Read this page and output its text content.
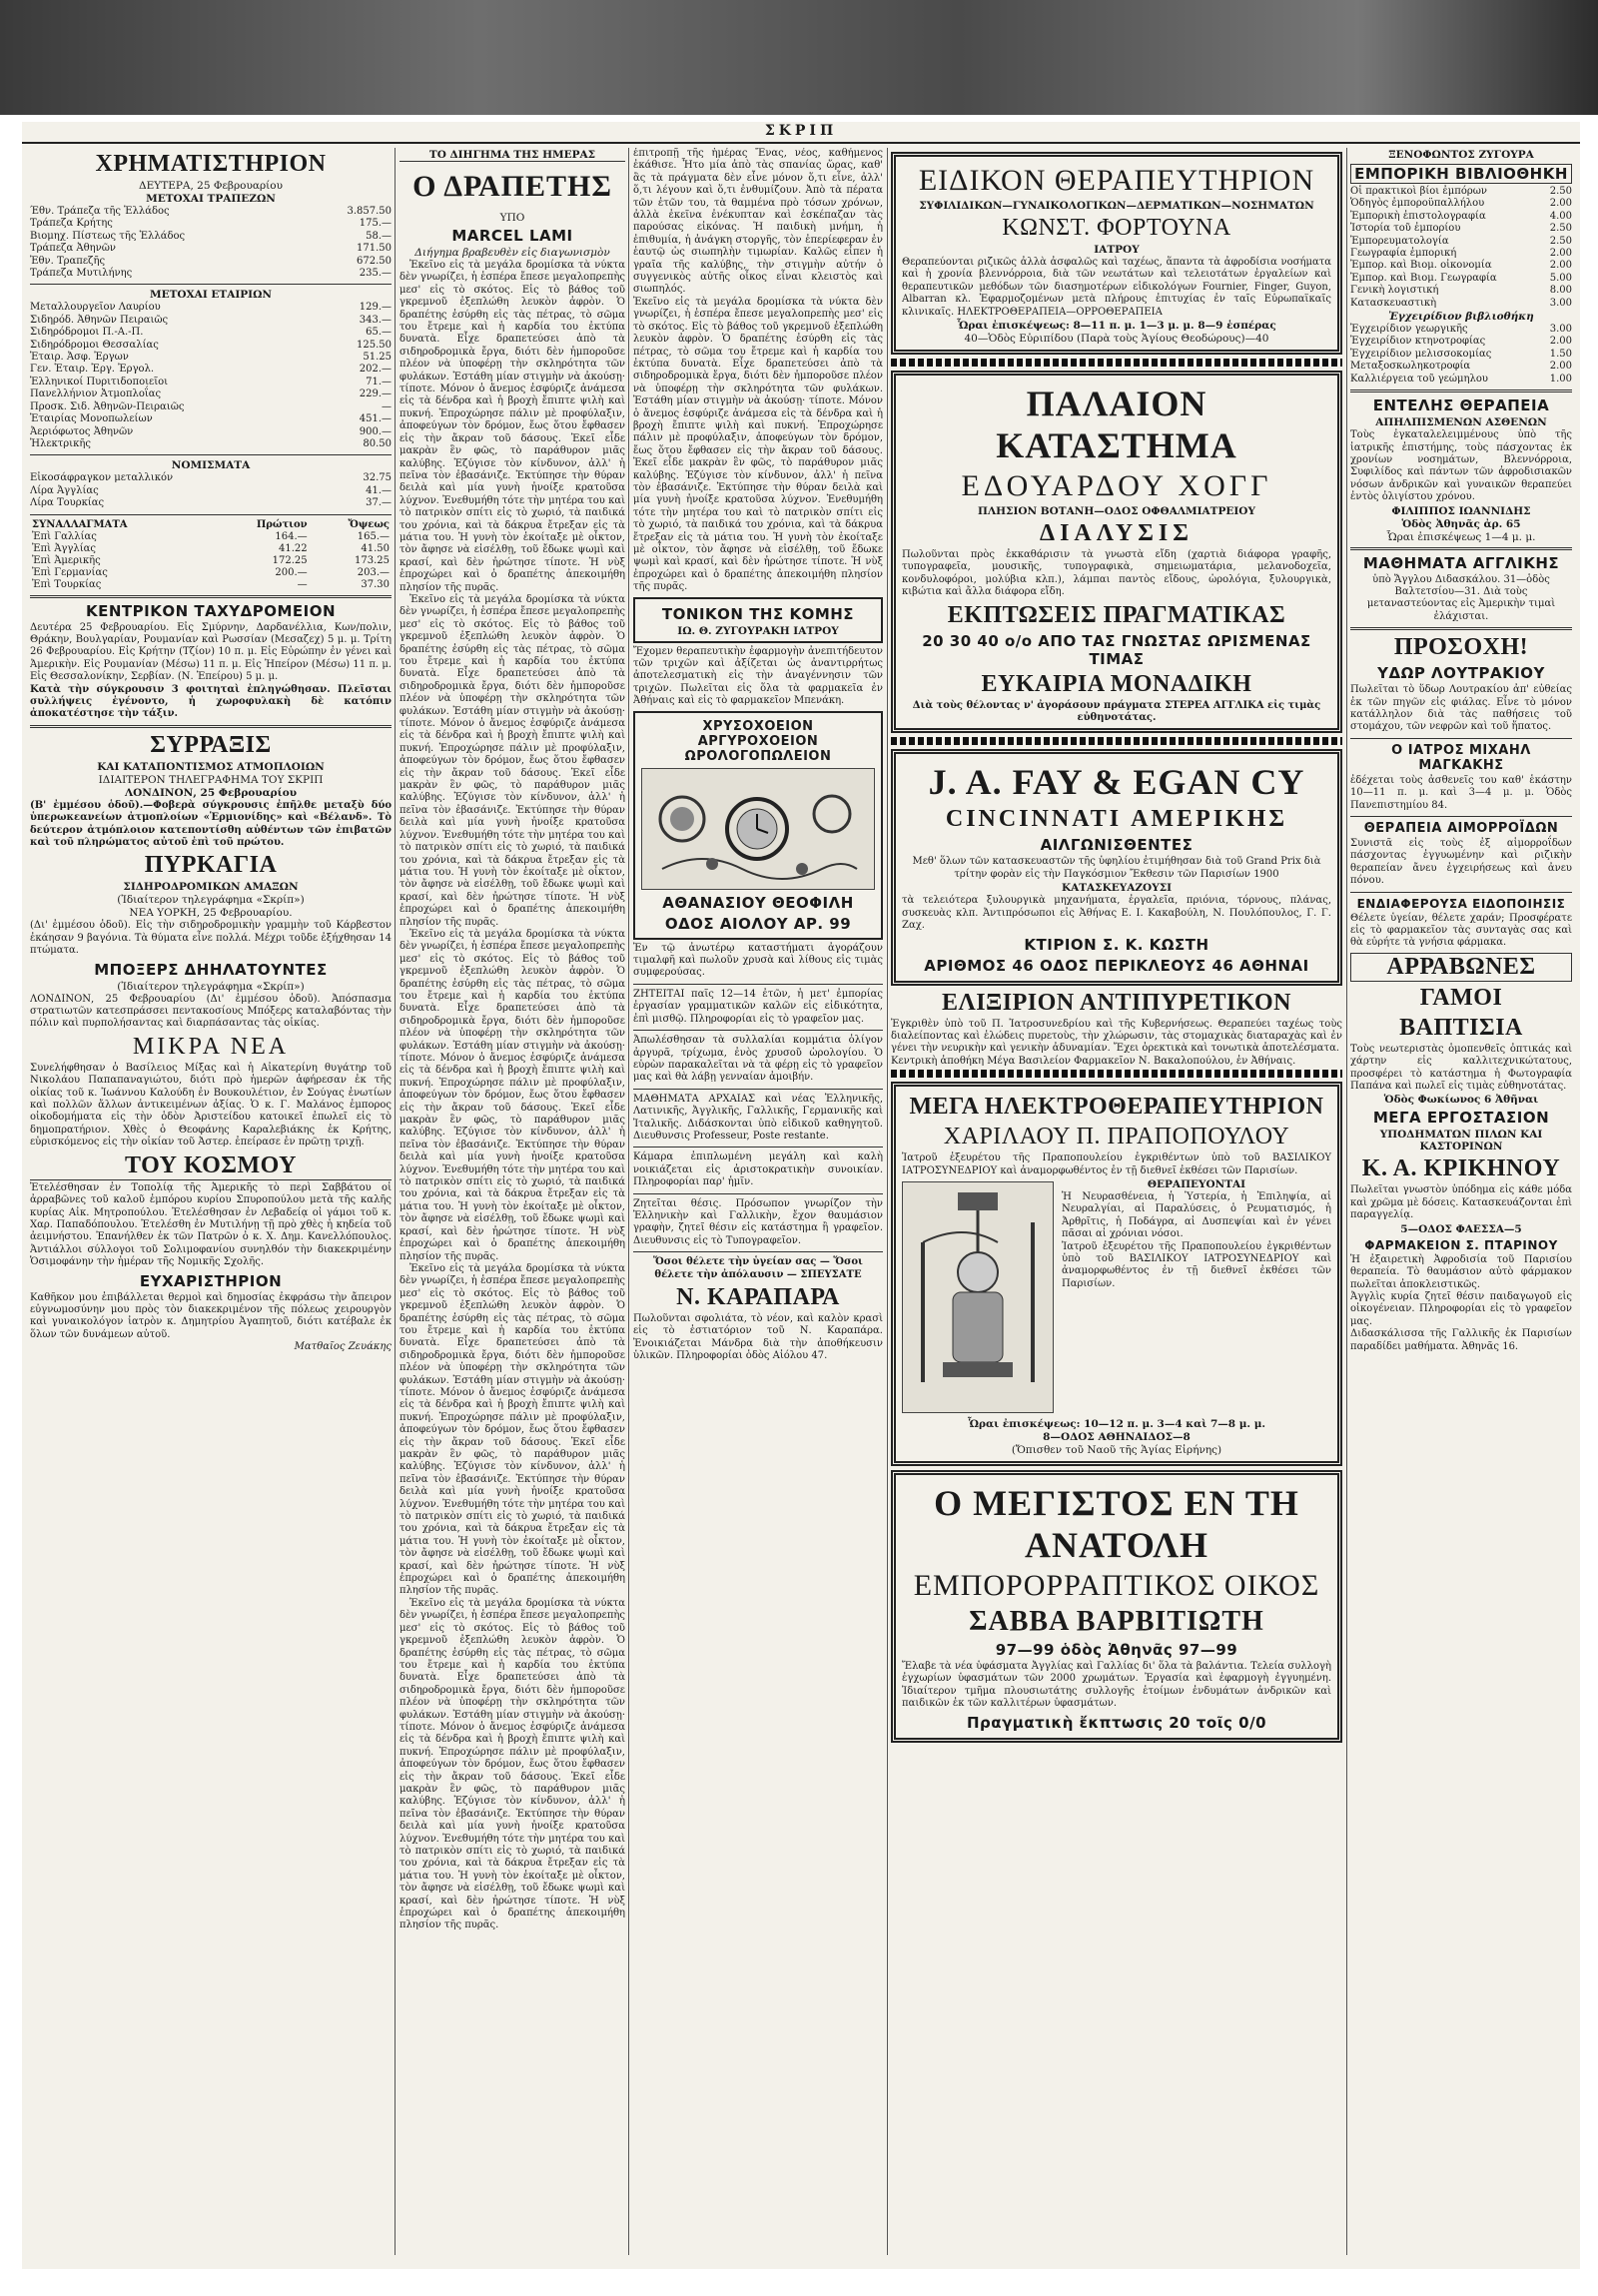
ΣΚΡΙΠ
ΧΡΗΜΑΤΙΣΤΗΡΙΟΝ
ΔΕΥΤΕΡΑ, 25 Φεβρουαρίου
ΜΕΤΟΧΑΙ ΤΡΑΠΕΖΩΝ
Έθν. Τράπεζα τῆς Ἑλλάδος	3.857.50
Τράπεζα Κρήτης	175.—
Βιομηχ. Πίστεως τῆς Ἑλλάδος	58.—
Τράπεζα Ἀθηνῶν	171.50
Ἐθν. Τραπεζῆς	672.50
Τράπεζα Μυτιλήνης	235.—
ΜΕΤΟΧΑΙ ΕΤΑΙΡΙΩΝ
Μεταλλουργεῖον Λαυρίου	129.—
Σιδηρόδ. Ἀθηνῶν Πειραιῶς	343.—
Σιδηρόδρομοι Π.-Α.-Π.	65.—
Σιδηρόδρομοι Θεσσαλίας	125.50
Ἑταιρ. Ἀσφ. Ἐργων	51.25
Γεν. Ἑταιρ. Ἐργ. Ἐργολ.	202.—
Ἑλληνικοί Πυριτιδοποιεῖοι	71.—
Πανελλήνιον Ἀτμοπλοΐας	229.—
Προσκ. Σιδ. Ἀθηνῶν-Πειραιῶς	—
Ἑταιρίας Μονοπωλείων	451.—
Ἀεριόφωτος Ἀθηνῶν	900.—
Ἠλεκτρικῆς	80.50
ΝΟΜΙΣΜΑΤΑ
Εἰκοσάφραγκον μεταλλικόν	32.75
Λίρα Ἀγγλίας	41.—
Λίρα Τουρκίας	37.—
ΣΥΝΑΛΛΑΓΜΑΤΑ	Πρώτιον	Ὄψεως
Ἐπὶ Γαλλίας	164.—	165.—
Ἐπὶ Ἀγγλίας	41.22	41.50
Ἐπὶ Ἀμερικῆς	172.25	173.25
Ἐπὶ Γερμανίας	200.—	203.—
Ἐπὶ Τουρκίας	—	37.30
ΚΕΝΤΡΙΚΟΝ ΤΑΧΥΔΡΟΜΕΙΟΝ

Δευτέρα 25 Φεβρουαρίου. Εἰς Σμύρνην, Δαρδανέλλια, Κων/πολιν, Θράκην, Βουλγαρίαν, Ρουμανίαν καὶ Ρωσσίαν (Μεσαζεχ) 5 μ. μ. Τρίτη 26 Φεβρουαρίου. Εἰς Κρήτην (Τζίον) 10 π. μ. Εἰς Εὐρώπην ἐν γένει καὶ Ἀμερικὴν. Εἰς Ρουμανίαν (Μέσω) 11 π. μ. Εἰς Ἠπείρον (Μέσω) 11 π. μ. Εἰς Θεσσαλονίκην, Σερβίαν. (Ν. Ἐπείρου) 5 μ. μ.

Κατὰ τὴν σύγκρουσιν 3 φοιτηταὶ ἐπληγώθησαν. Πλεῖσται συλλήψεις ἐγένοντο, ἡ χωροφυλακὴ δὲ κατόπιν ἀποκατέστησε τὴν τάξιν.

ΣΥΡΡΑΞΙΣ
ΚΑΙ ΚΑΤΑΠΟΝΤΙΣΜΟΣ ΑΤΜΟΠΛΟΙΩΝ
ΙΔΙΑΙΤΕΡΟΝ ΤΗΛΕΓΡΑΦΗΜΑ ΤΟΥ ΣΚΡΙΠ
ΛΟΝΔΙΝΟΝ, 25 Φεβρουαρίου

(Β' ἐμμέσου ὁδοῦ).—Φοβερὰ σύγκρουσις ἐπῆλθε μεταξὺ δύο ὑπερωκεανείων ἀτμοπλοίων «Ἑρμιονίδης» καὶ «Βέλανδ». Τὸ δεύτερον ἀτμόπλοιον κατεποντίσθη αὐθέντων τῶν ἐπιβατῶν καὶ τοῦ πληρώματος αὐτοῦ ἐπὶ τοῦ πρώτου.

ΠΥΡΚΑΓΙΑ
ΣΙΔΗΡΟΔΡΟΜΙΚΩΝ ΑΜΑΞΩΝ
(Ἰδιαίτερον τηλεγράφημα «Σκρίπ»)
ΝΕΑ ΥΟΡΚΗ, 25 Φεβρουαρίου.

(Δι' ἐμμέσου ὁδοῦ). Εἰς τὴν σιδηροδρομικὴν γραμμὴν τοῦ Κάρβεστον ἐκάησαν 9 βαγόνια. Τὰ θύματα εἶνε πολλά. Μέχρι τοῦδε ἐξήχθησαν 14 πτώματα.

ΜΠΟΞΕΡΣ ΔΗΗΛΑΤΟΥΝΤΕΣ
(Ἰδιαίτερον τηλεγράφημα «Σκρίπ»)

ΛΟΝΔΙΝΟΝ, 25 Φεβρουαρίου (Δι' ἐμμέσου ὁδοῦ). Ἀπόσπασμα στρατιωτῶν κατεσπράσσει πεντακοσίους Μπόξερς καταλαβόντας τὴν πόλιν καὶ πυρπολήσαντας καὶ διαρπάσαντας τὰς οἰκίας.

ΜΙΚΡΑ ΝΕΑ

Συνελήφθησαν ὁ Βασίλειος Μίξας καὶ ἡ Αἰκατερίνη θυγάτηρ τοῦ Νικολάου Παπαπαναγιώτου, διότι πρὸ ἡμερῶν ἀφήρεσαν ἐκ τῆς οἰκίας τοῦ κ. Ἰωάννου Καλούδη ἐν Βουκουλέτιον, ἐν Σούγας ἐνωτίων καὶ πολλῶν ἄλλων ἀντικειμένων ἀξίας. Ὁ κ. Γ. Μαλάνος ἐμπορος οἰκοδομήματα εἰς τὴν ὁδὸν Ἀριστείδου κατοικεῖ ἐπωλεῖ εἰς τὸ δημοπρατήριον. Χθὲς ὁ Θεοφάνης Καραλεβιάκης ἐκ Κρήτης, εὑρισκόμενος εἰς τὴν οἰκίαν τοῦ Ἀστερ. ἐπείρασε ἐν πρῶτῃ τριχῇ.

ΤΟΥ ΚΟΣΜΟΥ

Ἐτελέσθησαν ἐν Τοπολίᾳ τῆς Ἀμερικῆς τὸ περὶ Σαββάτου οἱ ἀρραβῶνες τοῦ καλοῦ ἐμπόρου κυρίου Σπυροπούλου μετὰ τῆς καλῆς κυρίας Αἰκ. Μητροπούλου. Ἐτελέσθησαν ἐν Λεβαδείᾳ οἱ γάμοι τοῦ κ. Χαρ. Παπαδόπουλου. Ἐτελέσθη ἐν Μυτιλήνῃ τῇ πρὸ χθὲς ἡ κηδεία τοῦ ἀειμνήστου. Ἐπανήλθεν ἐκ τῶν Πατρῶν ὁ κ. Χ. Δημ. Κανελλόπουλος. Ἀντιάλλοι σύλλογοι τοῦ Σολιμοφανίου συνηλθόν τὴν διακεκριμένην Ὁσιμοφάνην τὴν ἡμέραν τῆς Νομικῆς Σχολῆς.

ΕΥΧΑΡΙΣΤΗΡΙΟΝ

Καθῆκον μου ἐπιβάλλεται θερμοὶ καὶ δημοσίας ἐκφράσω τὴν ἄπειρον εὐγνωμοσύνην μου πρὸς τὸν διακεκριμένον τῆς πόλεως χειρουργὸν καὶ γυναικολόγον ἰατρὸν κ. Δημητρίου Ἀγαπητοῦ, διότι κατέβαλε ἐκ ὅλων τῶν δυνάμεων αὐτοῦ.

Ματθαῖος Ζευάκης

ΤΟ ΔΙΗΓΗΜΑ ΤΗΣ ΗΜΕΡΑΣ
Ο ΔΡΑΠΕΤΗΣ
ΥΠΟ
MARCEL LAMI
Διήγημα βραβευθὲν εἰς διαγωνισμὸν

Ἐκεῖνο εἰς τὰ μεγάλα δρομίσκα τὰ νύκτα δὲν γνωρίζει, ἡ ἑσπέρα ἔπεσε μεγαλοπρεπὴς μεσ' εἰς τὸ σκότος. Εἰς τὸ βάθος τοῦ γκρεμνοῦ ἐξεπλώθη λευκὸν ἀφρὸν. Ὁ δραπέτης ἐσύρθη εἰς τὰς πέτρας, τὸ σῶμα του ἔτρεμε καὶ ἡ καρδία του ἐκτύπα δυνατὰ. Εἶχε δραπετεύσει ἀπὸ τὰ σιδηροδρομικὰ ἔργα, διότι δὲν ἠμποροῦσε πλέον νὰ ὑποφέρῃ τὴν σκληρότητα τῶν φυλάκων. Ἐστάθη μίαν στιγμὴν νὰ ἀκούσῃ· τίποτε. Μόνον ὁ ἄνεμος ἐσφύριζε ἀνάμεσα εἰς τὰ δένδρα καὶ ἡ βροχὴ ἔπιπτε ψιλὴ καὶ πυκνή. Ἐπροχώρησε πάλιν μὲ προφύλαξιν, ἀποφεύγων τὸν δρόμον, ἔως ὅτου ἔφθασεν εἰς τὴν ἄκραν τοῦ δάσους. Ἐκεῖ εἶδε μακρὰν ἓν φῶς, τὸ παράθυρον μιᾶς καλύβης. Ἐζύγισε τὸν κίνδυνον, ἀλλ' ἡ πεῖνα τὸν ἐβασάνιζε. Ἐκτύπησε τὴν θύραν δειλὰ καὶ μία γυνὴ ἠνοίξε κρατοῦσα λύχνον. Ἐνεθυμήθη τότε τὴν μητέρα του καὶ τὸ πατρικὸν σπίτι εἰς τὸ χωριό, τὰ παιδικά του χρόνια, καὶ τὰ δάκρυα ἔτρεξαν εἰς τὰ μάτια του. Ἡ γυνὴ τὸν ἐκοίταξε μὲ οἶκτον, τὸν ἄφησε νὰ εἰσέλθῃ, τοῦ ἔδωκε ψωμὶ καὶ κρασί, καὶ δὲν ἠρώτησε τίποτε. Ἡ νὺξ ἐπροχώρει καὶ ὁ δραπέτης ἀπεκοιμήθη πλησίον τῆς πυρᾶς.

Ἐκεῖνο εἰς τὰ μεγάλα δρομίσκα τὰ νύκτα δὲν γνωρίζει, ἡ ἑσπέρα ἔπεσε μεγαλοπρεπὴς μεσ' εἰς τὸ σκότος. Εἰς τὸ βάθος τοῦ γκρεμνοῦ ἐξεπλώθη λευκὸν ἀφρὸν. Ὁ δραπέτης ἐσύρθη εἰς τὰς πέτρας, τὸ σῶμα του ἔτρεμε καὶ ἡ καρδία του ἐκτύπα δυνατὰ. Εἶχε δραπετεύσει ἀπὸ τὰ σιδηροδρομικὰ ἔργα, διότι δὲν ἠμποροῦσε πλέον νὰ ὑποφέρῃ τὴν σκληρότητα τῶν φυλάκων. Ἐστάθη μίαν στιγμὴν νὰ ἀκούσῃ· τίποτε. Μόνον ὁ ἄνεμος ἐσφύριζε ἀνάμεσα εἰς τὰ δένδρα καὶ ἡ βροχὴ ἔπιπτε ψιλὴ καὶ πυκνή. Ἐπροχώρησε πάλιν μὲ προφύλαξιν, ἀποφεύγων τὸν δρόμον, ἔως ὅτου ἔφθασεν εἰς τὴν ἄκραν τοῦ δάσους. Ἐκεῖ εἶδε μακρὰν ἓν φῶς, τὸ παράθυρον μιᾶς καλύβης. Ἐζύγισε τὸν κίνδυνον, ἀλλ' ἡ πεῖνα τὸν ἐβασάνιζε. Ἐκτύπησε τὴν θύραν δειλὰ καὶ μία γυνὴ ἠνοίξε κρατοῦσα λύχνον. Ἐνεθυμήθη τότε τὴν μητέρα του καὶ τὸ πατρικὸν σπίτι εἰς τὸ χωριό, τὰ παιδικά του χρόνια, καὶ τὰ δάκρυα ἔτρεξαν εἰς τὰ μάτια του. Ἡ γυνὴ τὸν ἐκοίταξε μὲ οἶκτον, τὸν ἄφησε νὰ εἰσέλθῃ, τοῦ ἔδωκε ψωμὶ καὶ κρασί, καὶ δὲν ἠρώτησε τίποτε. Ἡ νὺξ ἐπροχώρει καὶ ὁ δραπέτης ἀπεκοιμήθη πλησίον τῆς πυρᾶς.

Ἐκεῖνο εἰς τὰ μεγάλα δρομίσκα τὰ νύκτα δὲν γνωρίζει, ἡ ἑσπέρα ἔπεσε μεγαλοπρεπὴς μεσ' εἰς τὸ σκότος. Εἰς τὸ βάθος τοῦ γκρεμνοῦ ἐξεπλώθη λευκὸν ἀφρὸν. Ὁ δραπέτης ἐσύρθη εἰς τὰς πέτρας, τὸ σῶμα του ἔτρεμε καὶ ἡ καρδία του ἐκτύπα δυνατὰ. Εἶχε δραπετεύσει ἀπὸ τὰ σιδηροδρομικὰ ἔργα, διότι δὲν ἠμποροῦσε πλέον νὰ ὑποφέρῃ τὴν σκληρότητα τῶν φυλάκων. Ἐστάθη μίαν στιγμὴν νὰ ἀκούσῃ· τίποτε. Μόνον ὁ ἄνεμος ἐσφύριζε ἀνάμεσα εἰς τὰ δένδρα καὶ ἡ βροχὴ ἔπιπτε ψιλὴ καὶ πυκνή. Ἐπροχώρησε πάλιν μὲ προφύλαξιν, ἀποφεύγων τὸν δρόμον, ἔως ὅτου ἔφθασεν εἰς τὴν ἄκραν τοῦ δάσους. Ἐκεῖ εἶδε μακρὰν ἓν φῶς, τὸ παράθυρον μιᾶς καλύβης. Ἐζύγισε τὸν κίνδυνον, ἀλλ' ἡ πεῖνα τὸν ἐβασάνιζε. Ἐκτύπησε τὴν θύραν δειλὰ καὶ μία γυνὴ ἠνοίξε κρατοῦσα λύχνον. Ἐνεθυμήθη τότε τὴν μητέρα του καὶ τὸ πατρικὸν σπίτι εἰς τὸ χωριό, τὰ παιδικά του χρόνια, καὶ τὰ δάκρυα ἔτρεξαν εἰς τὰ μάτια του. Ἡ γυνὴ τὸν ἐκοίταξε μὲ οἶκτον, τὸν ἄφησε νὰ εἰσέλθῃ, τοῦ ἔδωκε ψωμὶ καὶ κρασί, καὶ δὲν ἠρώτησε τίποτε. Ἡ νὺξ ἐπροχώρει καὶ ὁ δραπέτης ἀπεκοιμήθη πλησίον τῆς πυρᾶς.

Ἐκεῖνο εἰς τὰ μεγάλα δρομίσκα τὰ νύκτα δὲν γνωρίζει, ἡ ἑσπέρα ἔπεσε μεγαλοπρεπὴς μεσ' εἰς τὸ σκότος. Εἰς τὸ βάθος τοῦ γκρεμνοῦ ἐξεπλώθη λευκὸν ἀφρὸν. Ὁ δραπέτης ἐσύρθη εἰς τὰς πέτρας, τὸ σῶμα του ἔτρεμε καὶ ἡ καρδία του ἐκτύπα δυνατὰ. Εἶχε δραπετεύσει ἀπὸ τὰ σιδηροδρομικὰ ἔργα, διότι δὲν ἠμποροῦσε πλέον νὰ ὑποφέρῃ τὴν σκληρότητα τῶν φυλάκων. Ἐστάθη μίαν στιγμὴν νὰ ἀκούσῃ· τίποτε. Μόνον ὁ ἄνεμος ἐσφύριζε ἀνάμεσα εἰς τὰ δένδρα καὶ ἡ βροχὴ ἔπιπτε ψιλὴ καὶ πυκνή. Ἐπροχώρησε πάλιν μὲ προφύλαξιν, ἀποφεύγων τὸν δρόμον, ἔως ὅτου ἔφθασεν εἰς τὴν ἄκραν τοῦ δάσους. Ἐκεῖ εἶδε μακρὰν ἓν φῶς, τὸ παράθυρον μιᾶς καλύβης. Ἐζύγισε τὸν κίνδυνον, ἀλλ' ἡ πεῖνα τὸν ἐβασάνιζε. Ἐκτύπησε τὴν θύραν δειλὰ καὶ μία γυνὴ ἠνοίξε κρατοῦσα λύχνον. Ἐνεθυμήθη τότε τὴν μητέρα του καὶ τὸ πατρικὸν σπίτι εἰς τὸ χωριό, τὰ παιδικά του χρόνια, καὶ τὰ δάκρυα ἔτρεξαν εἰς τὰ μάτια του. Ἡ γυνὴ τὸν ἐκοίταξε μὲ οἶκτον, τὸν ἄφησε νὰ εἰσέλθῃ, τοῦ ἔδωκε ψωμὶ καὶ κρασί, καὶ δὲν ἠρώτησε τίποτε. Ἡ νὺξ ἐπροχώρει καὶ ὁ δραπέτης ἀπεκοιμήθη πλησίον τῆς πυρᾶς.

Ἐκεῖνο εἰς τὰ μεγάλα δρομίσκα τὰ νύκτα δὲν γνωρίζει, ἡ ἑσπέρα ἔπεσε μεγαλοπρεπὴς μεσ' εἰς τὸ σκότος. Εἰς τὸ βάθος τοῦ γκρεμνοῦ ἐξεπλώθη λευκὸν ἀφρὸν. Ὁ δραπέτης ἐσύρθη εἰς τὰς πέτρας, τὸ σῶμα του ἔτρεμε καὶ ἡ καρδία του ἐκτύπα δυνατὰ. Εἶχε δραπετεύσει ἀπὸ τὰ σιδηροδρομικὰ ἔργα, διότι δὲν ἠμποροῦσε πλέον νὰ ὑποφέρῃ τὴν σκληρότητα τῶν φυλάκων. Ἐστάθη μίαν στιγμὴν νὰ ἀκούσῃ· τίποτε. Μόνον ὁ ἄνεμος ἐσφύριζε ἀνάμεσα εἰς τὰ δένδρα καὶ ἡ βροχὴ ἔπιπτε ψιλὴ καὶ πυκνή. Ἐπροχώρησε πάλιν μὲ προφύλαξιν, ἀποφεύγων τὸν δρόμον, ἔως ὅτου ἔφθασεν εἰς τὴν ἄκραν τοῦ δάσους. Ἐκεῖ εἶδε μακρὰν ἓν φῶς, τὸ παράθυρον μιᾶς καλύβης. Ἐζύγισε τὸν κίνδυνον, ἀλλ' ἡ πεῖνα τὸν ἐβασάνιζε. Ἐκτύπησε τὴν θύραν δειλὰ καὶ μία γυνὴ ἠνοίξε κρατοῦσα λύχνον. Ἐνεθυμήθη τότε τὴν μητέρα του καὶ τὸ πατρικὸν σπίτι εἰς τὸ χωριό, τὰ παιδικά του χρόνια, καὶ τὰ δάκρυα ἔτρεξαν εἰς τὰ μάτια του. Ἡ γυνὴ τὸν ἐκοίταξε μὲ οἶκτον, τὸν ἄφησε νὰ εἰσέλθῃ, τοῦ ἔδωκε ψωμὶ καὶ κρασί, καὶ δὲν ἠρώτησε τίποτε. Ἡ νὺξ ἐπροχώρει καὶ ὁ δραπέτης ἀπεκοιμήθη πλησίον τῆς πυρᾶς.

ἐπιτροπῇ τῆς ἡμέρας Ἔνας, νέος, καθήμενος ἐκάθισε. Ἦτο μία ἀπὸ τὰς σπανίας ὥρας, καθ' ἃς τὰ πράγματα δὲν εἶνε μόνον ὅ,τι εἶνε, ἀλλ' ὅ,τι λέγουν καὶ ὅ,τι ἐνθυμίζουν. Ἀπὸ τὰ πέρατα τῶν ἐτῶν του, τὰ θαμμένα πρὸ τόσων χρόνων, ἀλλὰ ἐκεῖνα ἐνέκυπταν καὶ ἐσκέπαζαν τὰς παρούσας εἰκόνας. Ἡ παιδικὴ μνήμη, ἡ ἐπιθυμία, ἡ ἀνάγκη στοργῆς, τὸν ἐπερίεφεραν ἐν ἑαυτῷ ὡς σιωπηλὴν τιμωρίαν. Καλῶς εἶπεν ἡ γραῖα τῆς καλύβης, τὴν στιγμὴν αὐτήν ὁ συγγενικὸς αὐτῆς οἶκος εἶναι κλειστὸς καὶ σιωπηλός.

Ἐκεῖνο εἰς τὰ μεγάλα δρομίσκα τὰ νύκτα δὲν γνωρίζει, ἡ ἑσπέρα ἔπεσε μεγαλοπρεπὴς μεσ' εἰς τὸ σκότος. Εἰς τὸ βάθος τοῦ γκρεμνοῦ ἐξεπλώθη λευκὸν ἀφρὸν. Ὁ δραπέτης ἐσύρθη εἰς τὰς πέτρας, τὸ σῶμα του ἔτρεμε καὶ ἡ καρδία του ἐκτύπα δυνατὰ. Εἶχε δραπετεύσει ἀπὸ τὰ σιδηροδρομικὰ ἔργα, διότι δὲν ἠμποροῦσε πλέον νὰ ὑποφέρῃ τὴν σκληρότητα τῶν φυλάκων. Ἐστάθη μίαν στιγμὴν νὰ ἀκούσῃ· τίποτε. Μόνον ὁ ἄνεμος ἐσφύριζε ἀνάμεσα εἰς τὰ δένδρα καὶ ἡ βροχὴ ἔπιπτε ψιλὴ καὶ πυκνή. Ἐπροχώρησε πάλιν μὲ προφύλαξιν, ἀποφεύγων τὸν δρόμον, ἔως ὅτου ἔφθασεν εἰς τὴν ἄκραν τοῦ δάσους. Ἐκεῖ εἶδε μακρὰν ἓν φῶς, τὸ παράθυρον μιᾶς καλύβης. Ἐζύγισε τὸν κίνδυνον, ἀλλ' ἡ πεῖνα τὸν ἐβασάνιζε. Ἐκτύπησε τὴν θύραν δειλὰ καὶ μία γυνὴ ἠνοίξε κρατοῦσα λύχνον. Ἐνεθυμήθη τότε τὴν μητέρα του καὶ τὸ πατρικὸν σπίτι εἰς τὸ χωριό, τὰ παιδικά του χρόνια, καὶ τὰ δάκρυα ἔτρεξαν εἰς τὰ μάτια του. Ἡ γυνὴ τὸν ἐκοίταξε μὲ οἶκτον, τὸν ἄφησε νὰ εἰσέλθῃ, τοῦ ἔδωκε ψωμὶ καὶ κρασί, καὶ δὲν ἠρώτησε τίποτε. Ἡ νὺξ ἐπροχώρει καὶ ὁ δραπέτης ἀπεκοιμήθη πλησίον τῆς πυρᾶς.

ΤΟΝΙΚΟΝ ΤΗΣ ΚΟΜΗΣ
ΙΩ. Θ. ΖΥΓΟΥΡΑΚΗ ΙΑΤΡΟΥ

Ἔχομεν θεραπευτικὴν ἐφαρμογὴν ἀνεπιτήδευτον τῶν τριχῶν καὶ ἀξίζεται ὡς ἀναντιρρήτως ἀποτελεσματικὴ εἰς τὴν ἀναγέννησιν τῶν τριχῶν. Πωλεῖται εἰς ὅλα τὰ φαρμακεῖα ἐν Ἀθήναις καὶ εἰς τὸ φαρμακεῖον Μπενάκη.

ΧΡΥΣΟΧΟΕΙΟΝ ΑΡΓΥΡΟΧΟΕΙΟΝ ΩΡΟΛΟΓΟΠΩΛΕΙΟΝ
ΑΘΑΝΑΣΙΟΥ ΘΕΟΦΙΛΗ
ΟΔΟΣ ΑΙΟΛΟΥ ΑΡ. 99

Ἐν τῷ ἀνωτέρῳ καταστήματι ἀγοράζουν τιμαλφῆ καὶ πωλοῦν χρυσὰ καὶ λίθους εἰς τιμὰς συμφερούσας.

ΖΗΤΕΙΤΑΙ παῖς 12—14 ἐτῶν, ἡ μετ' ἐμπορίας ἐργασίαν γραμματικῶν καλῶν εἰς εἰδικότητα, ἐπὶ μισθῷ. Πληροφορίαι εἰς τὸ γραφεῖον μας.

Ἀπωλέσθησαν τὰ συλλαλίαι κομμάτια ὀλίγον ἀργυρᾶ, τρίχωμα, ἐνὸς χρυσοῦ ὡρολογίου. Ὁ εὑρὼν παρακαλεῖται νὰ τὰ φέρῃ εἰς τὸ γραφεῖον μας καὶ θὰ λάβῃ γενναίαν ἀμοιβήν.

ΜΑΘΗΜΑΤΑ ΑΡΧΑΙΑΣ καὶ νέας Ἑλληνικῆς, Λατινικῆς, Ἀγγλικῆς, Γαλλικῆς, Γερμανικῆς καὶ Ἰταλικῆς. Διδάσκονται ὑπὸ εἰδικοῦ καθηγητοῦ. Διευθυνσις Professeur, Poste restante.

Κάμαρα ἐπιπλωμένη μεγάλη καὶ καλὴ νοικιάζεται εἰς ἀριστοκρατικὴν συνοικίαν. Πληροφορίαι παρ' ἡμῖν.

Ζητεῖται θέσις. Πρόσωπον γνωρίζον τὴν Ἑλληνικὴν καὶ Γαλλικὴν, ἔχον θαυμάσιον γραφὴν, ζητεῖ θέσιν εἰς κατάστημα ἢ γραφεῖον. Διευθυνσις εἰς τὸ Τυπογραφεῖον.

Ὅσοι θέλετε τὴν ὑγείαν σας — Ὅσοι θέλετε τὴν ἀπόλαυσιν — ΣΠΕΥΣΑΤΕ

Ν. ΚΑΡΑΠΑΡΑ

Πωλοῦνται σφολιάτα, τὸ νέον, καὶ καλὸν κρασὶ εἰς τὸ ἐστιατόριον τοῦ Ν. Καραπάρα. Ἐνοικιάζεται Μάνδρα διὰ τὴν ἀποθήκευσιν ὑλικῶν. Πληροφορίαι ὁδὸς Αἰόλου 47.

ΕΙΔΙΚΟΝ ΘΕΡΑΠΕΥΤΗΡΙΟΝ
ΣΥΦΙΛΙΔΙΚΩΝ—ΓΥΝΑΙΚΟΛΟΓΙΚΩΝ—ΔΕΡΜΑΤΙΚΩΝ—ΝΟΣΗΜΑΤΩΝ
ΚΩΝΣΤ. ΦΟΡΤΟΥΝΑ
ΙΑΤΡΟΥ

Θεραπεύονται ριζικῶς ἀλλὰ ἀσφαλῶς καὶ ταχέως, ἅπαντα τὰ ἀφροδίσια νοσήματα καὶ ἡ χρονία βλεννόρροια, διὰ τῶν νεωτάτων καὶ τελειοτάτων ἐργαλείων καὶ θεραπευτικῶν μεθόδων τῶν διασημοτέρων εἰδικολόγων Fournier, Finger, Guyon, Albarran κλ. Ἐφαρμοζομένων μετὰ πλήρους ἐπιτυχίας ἐν ταῖς Εὐρωπαϊκαῖς κλινικαῖς. ΗΛΕΚΤΡΟΘΕΡΑΠΕΙΑ—ΟΡΡΟΘΕΡΑΠΕΙΑ

Ὧραι ἐπισκέψεως: 8—11 π. μ. 1—3 μ. μ. 8—9 ἑσπέρας
40—Ὁδὸς Εὐριπίδου (Παρὰ τοὺς Ἁγίους Θεοδώρους)—40
ΠΑΛΑΙΟΝ ΚΑΤΑΣΤΗΜΑ
ΕΔΟΥΑΡΔΟΥ ΧΟΓΓ
ΠΛΗΣΙΟΝ ΒΟΤΑΝΗ—ΟΔΟΣ ΟΦΘΑΛΜΙΑΤΡΕΙΟΥ
ΔΙΑΛΥΣΙΣ

Πωλοῦνται πρὸς ἐκκαθάρισιν τὰ γνωστὰ εἴδη (χαρτιὰ διάφορα γραφῆς, τυπογραφεῖα, μουσικῆς, τυπογραφικὰ, σημειωματάρια, μελανοδοχεῖα, κονδυλοφόροι, μολύβια κλπ.), λάμπαι παντὸς εἴδους, ὡρολόγια, ξυλουργικὰ, κιβώτια καὶ ἄλλα διάφορα εἴδη.

ΕΚΠΤΩΣΕΙΣ ΠΡΑΓΜΑΤΙΚΑΣ
20 30 40 ο/ο ΑΠΟ ΤΑΣ ΓΝΩΣΤΑΣ ΩΡΙΣΜΕΝΑΣ ΤΙΜΑΣ
ΕΥΚΑΙΡΙΑ ΜΟΝΑΔΙΚΗ

Διὰ τοὺς θέλοντας ν' ἀγοράσουν πράγματα ΣΤΕΡΕΑ ΑΓΓΛΙΚΑ εἰς τιμὰς εὐθηνοτάτας.

J. A. FAY & EGAN CY
CINCINNATI ΑΜΕΡΙΚΗΣ
ΑΙΛΓΩΝΙΣΘΕΝΤΕΣ

Μεθ' ὅλων τῶν κατασκευαστῶν τῆς ὑφηλίου ἐτιμήθησαν διὰ τοῦ Grand Prix διὰ τρίτην φορὰν εἰς τὴν Παγκόσμιον Ἔκθεσιν τῶν Παρισίων 1900

ΚΑΤΑΣΚΕΥΑΖΟΥΣΙ

τὰ τελειότερα ξυλουργικὰ μηχανήματα, ἐργαλεῖα, πριόνια, τόρνους, πλάνας, συσκευὰς κλπ. Ἀντιπρόσωποι εἰς Ἀθήνας Ε. Ι. Κακαβούλη, Ν. Πουλόπουλος, Γ. Γ. Ζαχ.

ΚΤΙΡΙΟΝ Σ. Κ. ΚΩΣΤΗ
ΑΡΙΘΜΟΣ 46 ΟΔΟΣ ΠΕΡΙΚΛΕΟΥΣ 46 ΑΘΗΝΑΙ
ΕΛΙΞΙΡΙΟΝ ΑΝΤΙΠΥΡΕΤΙΚΟΝ

Ἐγκριθὲν ὑπὸ τοῦ Π. Ἰατροσυνεδρίου καὶ τῆς Κυβερνήσεως. Θεραπεύει ταχέως τοὺς διαλείποντας καὶ ἑλώδεις πυρετοὺς, τὴν χλώρωσιν, τὰς στομαχικὰς διαταραχὰς καὶ ἐν γένει τὴν νευρικὴν καὶ γενικὴν ἀδυναμίαν. Ἔχει ὀρεκτικὰ καὶ τονωτικὰ ἀποτελέσματα.

Κεντρικὴ ἀποθήκη Μέγα Βασιλείον Φαρμακεῖον Ν. Βακαλοπούλου, ἐν Ἀθήναις.

ΜΕΓΑ ΗΛΕΚΤΡΟΘΕΡΑΠΕΥΤΗΡΙΟΝ
ΧΑΡΙΛΑΟΥ Π. ΠΡΑΠΟΠΟΥΛΟΥ

Ἰατροῦ ἐξευρέτου τῆς Πραποπουλείου ἐγκριθέντων ὑπὸ τοῦ ΒΑΣΙΛΙΚΟΥ ΙΑΤΡΟΣΥΝΕΔΡΙΟΥ καὶ ἀναμορφωθέντος ἐν τῇ διεθνεῖ ἐκθέσει τῶν Παρισίων.

ΘΕΡΑΠΕΥΟΝΤΑΙ

Ἡ Νευρασθένεια, ἡ Ὑστερία, ἡ Ἐπιληψία, αἱ Νευραλγίαι, αἱ Παραλύσεις, ὁ Ρευματισμός, ἡ Ἀρθρῖτις, ἡ Ποδάγρα, αἱ Δυσπεψίαι καὶ ἐν γένει πᾶσαι αἱ χρόνιαι νόσοι.

Ἰατροῦ ἐξευρέτου τῆς Πραποπουλείου ἐγκριθέντων ὑπὸ τοῦ ΒΑΣΙΛΙΚΟΥ ΙΑΤΡΟΣΥΝΕΔΡΙΟΥ καὶ ἀναμορφωθέντος ἐν τῇ διεθνεῖ ἐκθέσει τῶν Παρισίων.

Ὧραι ἐπισκέψεως: 10—12 π. μ. 3—4 καὶ 7—8 μ. μ.
8—ΟΔΟΣ ΑΘΗΝΑΙΔΟΣ—8
(Ὄπισθεν τοῦ Ναοῦ τῆς Ἁγίας Εἰρήνης)
Ο ΜΕΓΙΣΤΟΣ ΕΝ ΤΗ ΑΝΑΤΟΛΗ
ΕΜΠΟΡΟΡΡΑΠΤΙΚΟΣ ΟΙΚΟΣ
ΣΑΒΒΑ ΒΑΡΒΙΤΙΩΤΗ
97—99 ὁδὸς Ἀθηνᾶς 97—99

Ἔλαβε τὰ νέα ὑφάσματα Ἀγγλίας καὶ Γαλλίας δι' ὅλα τὰ βαλάντια. Τελεία συλλογὴ ἐγχωρίων ὑφασμάτων τῶν 2000 χρωμάτων. Ἐργασία καὶ ἐφαρμογὴ ἐγγυημένη. Ἰδιαίτερον τμῆμα πλουσιωτάτης συλλογῆς ἑτοίμων ἐνδυμάτων ἀνδρικῶν καὶ παιδικῶν ἐκ τῶν καλλιτέρων ὑφασμάτων.

Πραγματικὴ ἔκπτωσις 20 τοῖς 0/0
ΞΕΝΟΦΩΝΤΟΣ ΖΥΓΟΥΡΑ
ΕΜΠΟΡΙΚΗ ΒΙΒΛΙΟΘΗΚΗ
Οἱ πρακτικοὶ βίοι ἐμπόρων	2.50
Ὁδηγὸς ἐμποροϋπαλλήλου	2.00
Ἐμπορικὴ ἐπιστολογραφία	4.00
Ἱστορία τοῦ ἐμπορίου	2.50
Ἐμπορευματολογία	2.50
Γεωγραφία ἐμπορική	2.00
Ἐμπορ. καὶ Βιομ. οἰκονομία	2.00
Ἐμπορ. καὶ Βιομ. Γεωγραφία	5.00
Γενικὴ λογιστική	8.00
Κατασκευαστικὴ	3.00
Ἐγχειρίδιον βιβλιοθήκη
Ἐγχειρίδιον γεωργικῆς	3.00
Ἐγχειρίδιον κτηνοτροφίας	2.00
Ἐγχειρίδιον μελισσοκομίας	1.50
Μεταξοσκωληκοτροφία	2.00
Καλλιέργεια τοῦ γεώμηλου	1.00
ΕΝΤΕΛΗΣ ΘΕΡΑΠΕΙΑ
ΑΠΗΛΠΙΣΜΕΝΩΝ ΑΣΘΕΝΩΝ

Τοὺς ἐγκαταλελειμμένους ὑπὸ τῆς ἰατρικῆς ἐπιστήμης, τοὺς πάσχοντας ἐκ χρονίων νοσημάτων, Βλεννόρροια, Συφιλίδος καὶ πάντων τῶν ἀφροδισιακῶν νόσων ἀνδρικῶν καὶ γυναικῶν θεραπεύει ἐντὸς ὀλιγίστου χρόνου.

ΦΙΛΙΠΠΟΣ ΙΩΑΝΝΙΔΗΣ
Ὁδὸς Ἀθηνᾶς ἀρ. 65
Ὧραι ἐπισκέψεως 1—4 μ. μ.
ΜΑΘΗΜΑΤΑ ΑΓΓΛΙΚΗΣ

ὑπὸ Ἄγγλου Διδασκάλου. 31—ὁδὸς Βαλτετσίου—31. Διὰ τοὺς μεταναστεύοντας εἰς Ἀμερικὴν τιμαὶ ἐλάχισται.

ΠΡΟΣΟΧΗ!
ΥΔΩΡ ΛΟΥΤΡΑΚΙΟΥ

Πωλεῖται τὸ ὕδωρ Λουτρακίου ἀπ' εὐθείας ἐκ τῶν πηγῶν εἰς φιάλας. Εἶνε τὸ μόνον κατάλληλον διὰ τὰς παθήσεις τοῦ στομάχου, τῶν νεφρῶν καὶ τοῦ ἥπατος.

Ο ΙΑΤΡΟΣ ΜΙΧΑΗΛ ΜΑΓΚΑΚΗΣ

ἐδέχεται τοὺς ἀσθενεῖς του καθ' ἑκάστην 10—11 π. μ. καὶ 3—4 μ. μ. Ὁδὸς Πανεπιστημίου 84.

ΘΕΡΑΠΕΙΑ ΑΙΜΟΡΡΟΪΔΩΝ

Συνιστᾶ εἰς τοὺς ἐξ αἱμορροΐδων πάσχοντας ἐγγυωμένην καὶ ριζικὴν θεραπείαν ἄνευ ἐγχειρήσεως καὶ ἀνευ πόνου.

ΕΝΔΙΑΦΕΡΟΥΣΑ ΕΙΔΟΠΟΙΗΣΙΣ

Θέλετε ὑγείαν, θέλετε χαράν; Προσφέρατε εἰς τὸ φαρμακεῖον τὰς συνταγὰς σας καὶ θὰ εὐρήτε τὰ γνήσια φάρμακα.

ΑΡΡΑΒΩΝΕΣ
ΓΑΜΟΙ
ΒΑΠΤΙΣΙΑ

Τοὺς νεωτεριστὰς ὁμοπενθεῖς ὀπτικάς καὶ χάρτην εἰς καλλιτεχνικώτατους, προσφέρει τὸ κατάστημα ἡ Φωτογραφία Παπάνα καὶ πωλεῖ εἰς τιμὰς εὐθηνοτάτας.

Ὁδὸς Φωκίωνος 6 Ἀθῆναι
ΜΕΓΑ ΕΡΓΟΣΤΑΣΙΟΝ
ΥΠΟΔΗΜΑΤΩΝ ΠΙΛΩΝ ΚΑΙ ΚΑΣΤΟΡΙΝΩΝ
Κ. Α. ΚΡΙΚΗΝΟΥ

Πωλεῖται γνωστὸν ὑπόδημα εἰς κάθε μόδα καὶ χρῶμα μὲ δόσεις. Κατασκευάζονται ἐπὶ παραγγελίᾳ.

5—ΟΔΟΣ ΦΑΕΣΣΑ—5
ΦΑΡΜΑΚΕΙΟΝ Σ. ΠΤΑΡΙΝΟΥ

Ἡ ἐξαιρετικὴ Ἀφροδισία τοῦ Παρισίου θεραπεία. Τὸ θαυμάσιον αὐτὸ φάρμακον πωλεῖται ἀποκλειστικῶς.

Ἀγγλὶς κυρία ζητεῖ θέσιν παιδαγωγοῦ εἰς οἰκογένειαν. Πληροφορίαι εἰς τὸ γραφεῖον μας.

Διδασκάλισσα τῆς Γαλλικῆς ἐκ Παρισίων παραδίδει μαθήματα. Ἀθηνᾶς 16.
